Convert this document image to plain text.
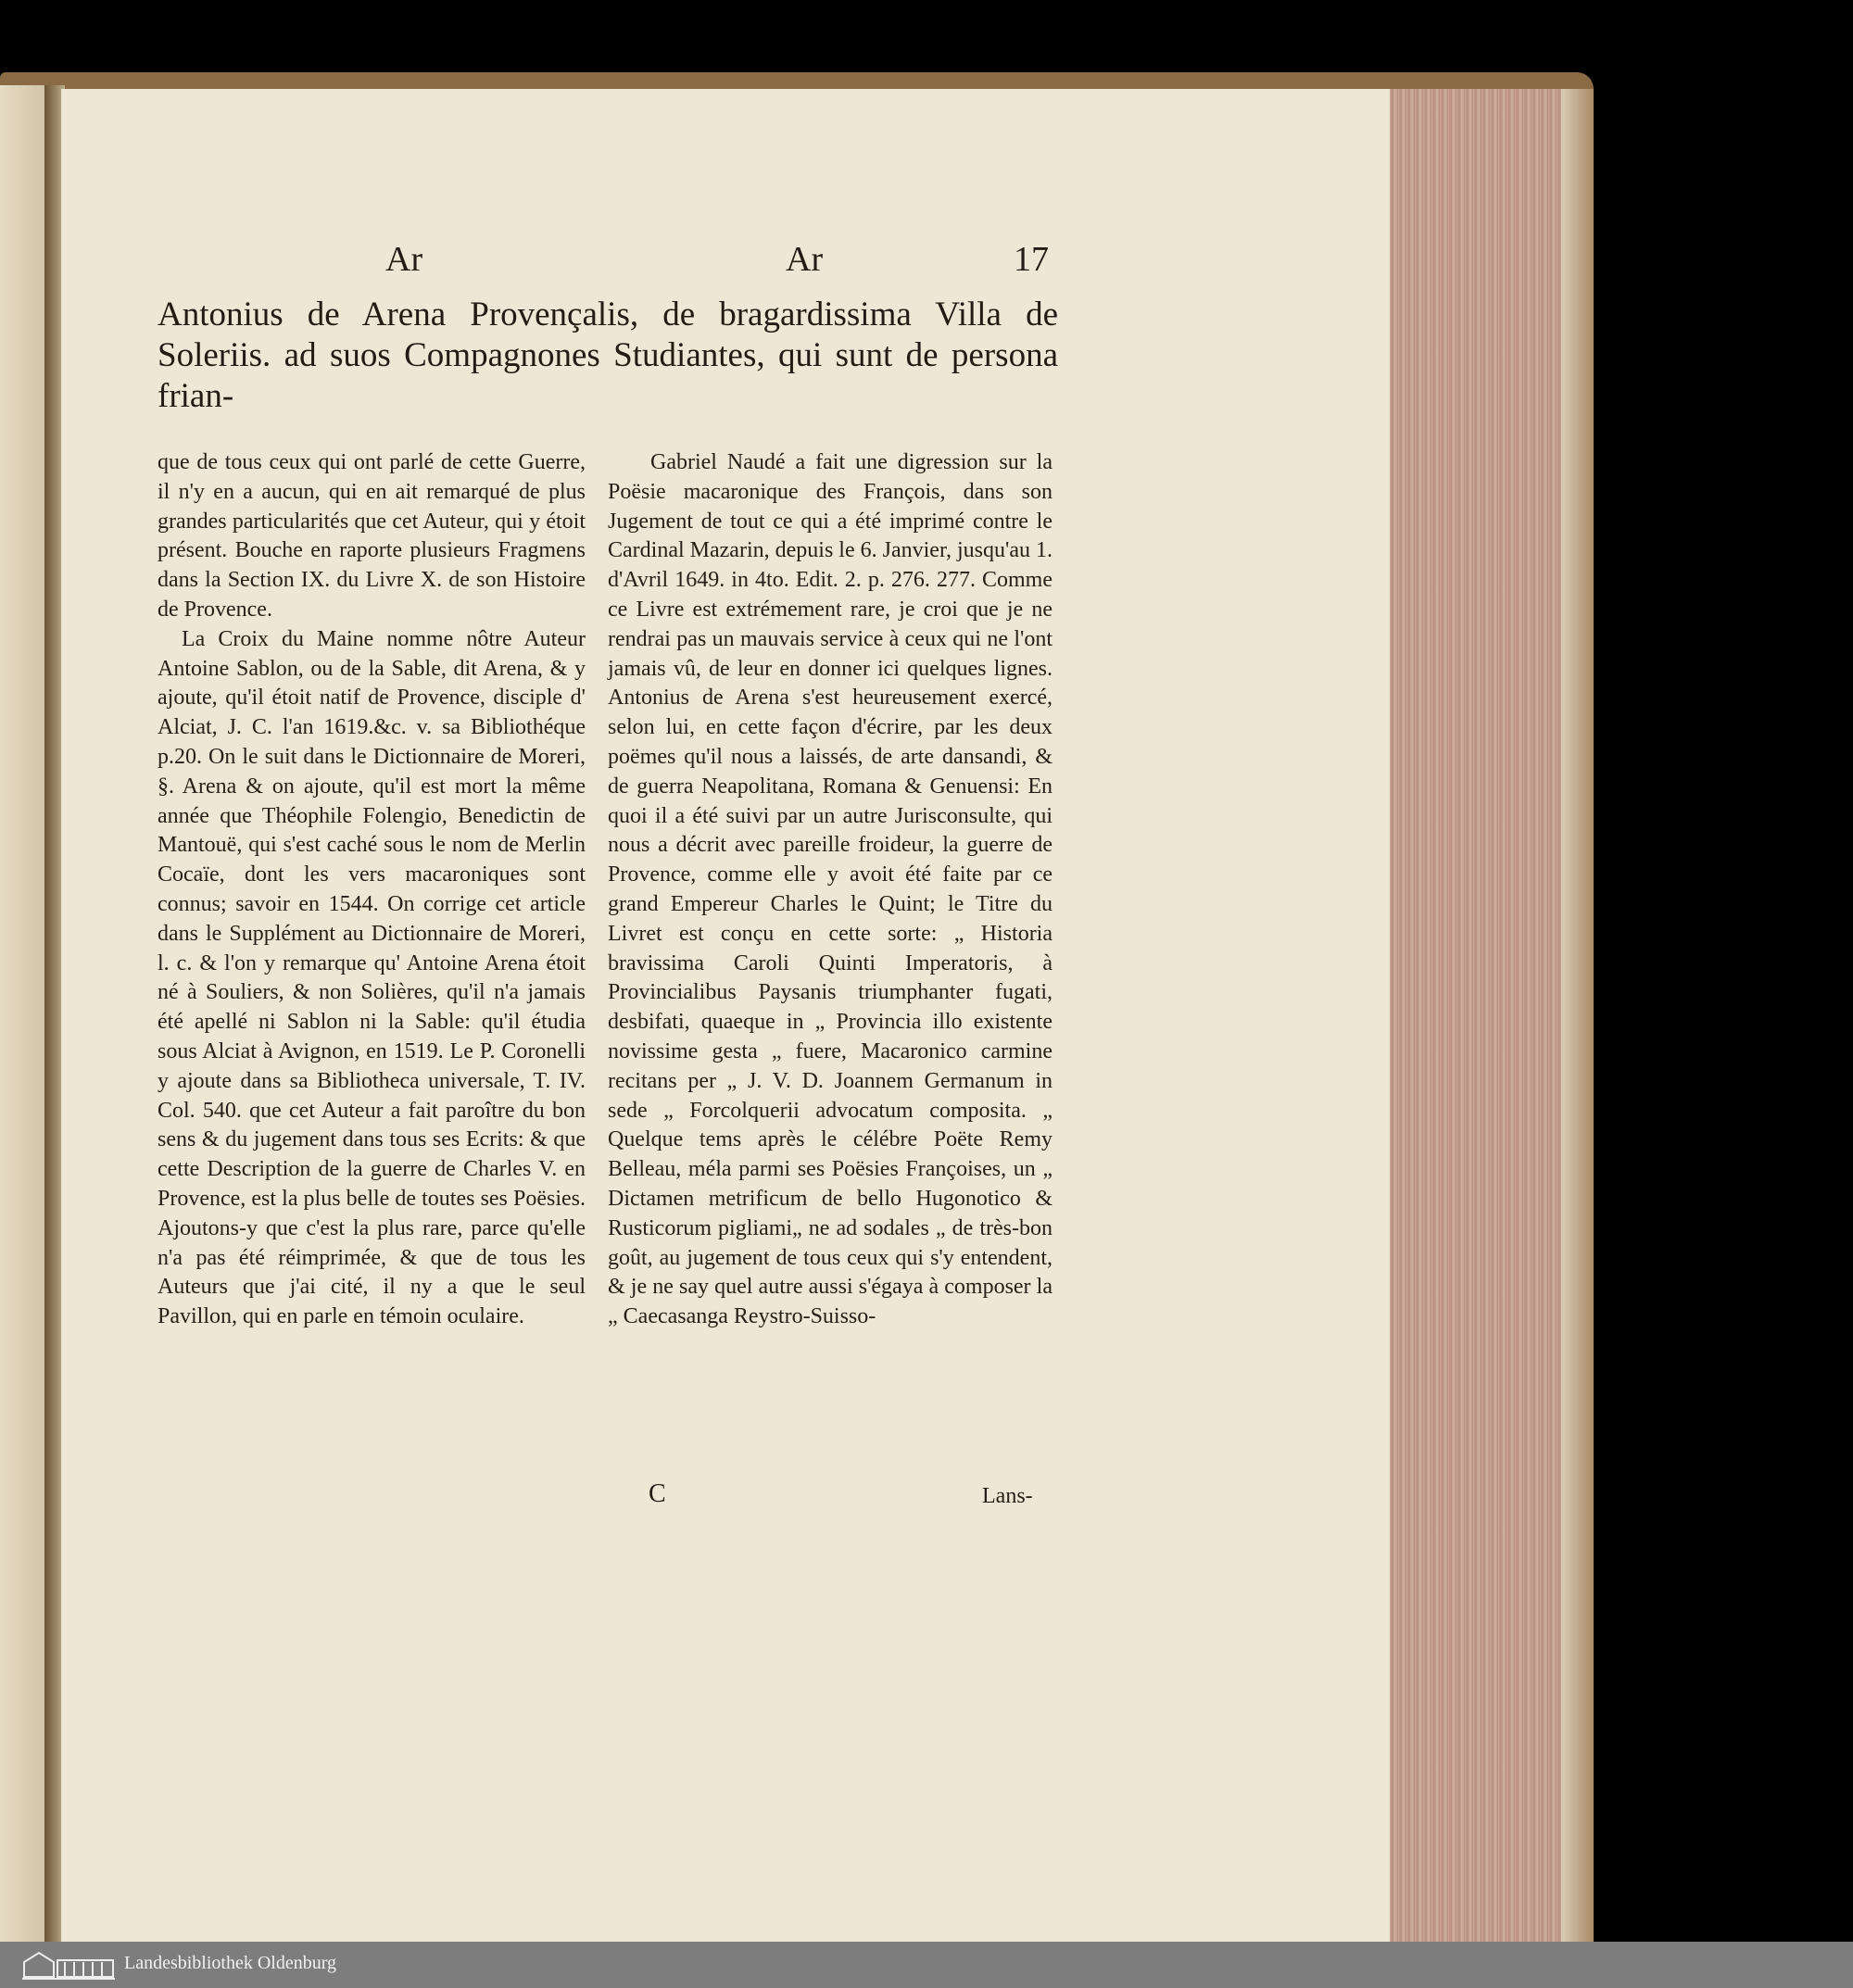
Ar	Ar	17
Antonius de Arena Provençalis, de bragardissima Villa de Soleriis. ad suos Compagnones Studiantes, qui sunt de persona frian-

que de tous ceux qui ont parlé de cette Guerre, il n'y en a aucun, qui en ait remarqué de plus grandes particularités que cet Auteur, qui y étoit présent. Bouche en raporte plusieurs Fragmens dans la Section IX. du Livre X. de son Histoire de Provence.

La Croix du Maine nomme nôtre Auteur Antoine Sablon, ou de la Sable, dit Arena, & y ajoute, qu'il étoit natif de Provence, disciple d' Alciat, J. C. l'an 1619.&c. v. sa Bibliothéque p.20. On le suit dans le Dictionnaire de Moreri, §. Arena & on ajoute, qu'il est mort la même année que Théophile Folengio, Benedictin de Mantouë, qui s'est caché sous le nom de Merlin Cocaïe, dont les vers macaroniques sont connus; savoir en 1544. On corrige cet article dans le Supplément au Dictionnaire de Moreri, l. c. & l'on y remarque qu' Antoine Arena étoit né à Souliers, & non Solières, qu'il n'a jamais été apellé ni Sablon ni la Sable: qu'il étudia sous Alciat à Avignon, en 1519. Le P. Coronelli y ajoute dans sa Bibliotheca universale, T. IV. Col. 540. que cet Auteur a fait paroître du bon sens & du jugement dans tous ses Ecrits: & que cette Description de la guerre de Charles V. en Provence, est la plus belle de toutes ses Poësies. Ajoutons-y que c'est la plus rare, parce qu'elle n'a pas été réimprimée, & que de tous les Auteurs que j'ai cité, il ny a que le seul Pavillon, qui en parle en témoin oculaire.

Gabriel Naudé a fait une digression sur la Poësie macaronique des François, dans son Jugement de tout ce qui a été imprimé contre le Cardinal Mazarin, depuis le 6. Janvier, jusqu'au 1. d'Avril 1649. in 4to. Edit. 2. p. 276. 277. Comme ce Livre est extrémement rare, je croi que je ne rendrai pas un mauvais service à ceux qui ne l'ont jamais vû, de leur en donner ici quelques lignes. Antonius de Arena s'est heureusement exercé, selon lui, en cette façon d'écrire, par les deux poëmes qu'il nous a laissés, de arte dansandi, & de guerra Neapolitana, Romana & Genuensi: En quoi il a été suivi par un autre Jurisconsulte, qui nous a décrit avec pareille froideur, la guerre de Provence, comme elle y avoit été faite par ce grand Empereur Charles le Quint; le Titre du Livret est conçu en cette sorte: „ Historia bravissima Caroli Quinti Imperatoris, à Provincialibus Paysanis triumphanter fugati, desbifati, quaeque in „ Provincia illo existente novissime gesta „ fuere, Macaronico carmine recitans per „ J. V. D. Joannem Germanum in sede „ Forcolquerii advocatum composita. „ Quelque tems après le célébre Poëte Remy Belleau, méla parmi ses Poësies Françoises, un „ Dictamen metrificum de bello Hugonotico & Rusticorum pigliami„ ne ad sodales „ de très-bon goût, au jugement de tous ceux qui s'y entendent, & je ne say quel autre aussi s'égaya à composer la „ Caecasanga Reystro-Suisso-

C	Lans-
Landesbibliothek Oldenburg
